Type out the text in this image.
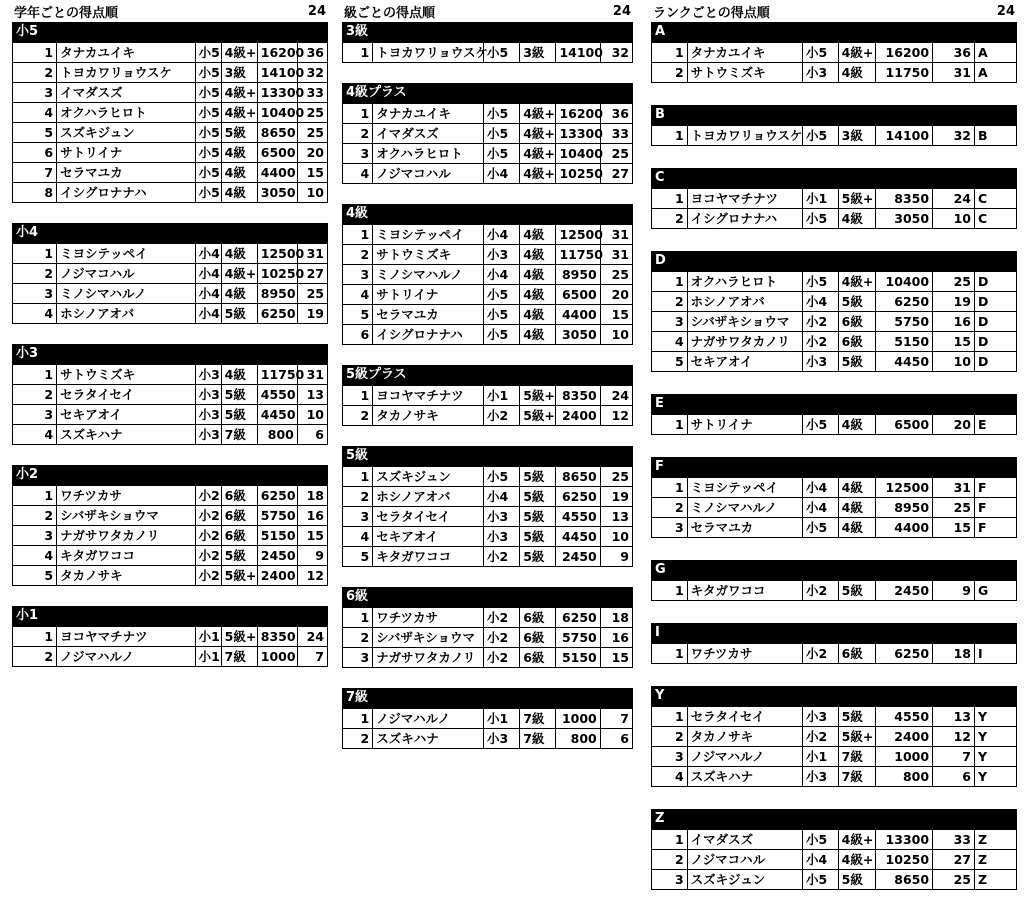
学年ごとの得点順	24
小5
1	タナカユイキ	小5	4級+	16200	36
2	トヨカワリョウスケ	小5	3級	14100	32
3	イマダスズ	小5	4級+	13300	33
4	オクハラヒロト	小5	4級+	10400	25
5	スズキジュン	小5	5級	8650	25
6	サトリイナ	小5	4級	6500	20
7	セラマユカ	小5	4級	4400	15
8	イシグロナナハ	小5	4級	3050	10
小4
1	ミヨシテッペイ	小4	4級	12500	31
2	ノジマコハル	小4	4級+	10250	27
3	ミノシマハルノ	小4	4級	8950	25
4	ホシノアオバ	小4	5級	6250	19
小3
1	サトウミズキ	小3	4級	11750	31
2	セラタイセイ	小3	5級	4550	13
3	セキアオイ	小3	5級	4450	10
4	スズキハナ	小3	7級	800	6
小2
1	ワチツカサ	小2	6級	6250	18
2	シバザキショウマ	小2	6級	5750	16
3	ナガサワタカノリ	小2	6級	5150	15
4	キタガワココ	小2	5級	2450	9
5	タカノサキ	小2	5級+	2400	12
小1
1	ヨコヤマチナツ	小1	5級+	8350	24
2	ノジマハルノ	小1	7級	1000	7
級ごとの得点順	24
3級
1	トヨカワリョウスケ	小5	3級	14100	32
4級プラス
1	タナカユイキ	小5	4級+	16200	36
2	イマダスズ	小5	4級+	13300	33
3	オクハラヒロト	小5	4級+	10400	25
4	ノジマコハル	小4	4級+	10250	27
4級
1	ミヨシテッペイ	小4	4級	12500	31
2	サトウミズキ	小3	4級	11750	31
3	ミノシマハルノ	小4	4級	8950	25
4	サトリイナ	小5	4級	6500	20
5	セラマユカ	小5	4級	4400	15
6	イシグロナナハ	小5	4級	3050	10
5級プラス
1	ヨコヤマチナツ	小1	5級+	8350	24
2	タカノサキ	小2	5級+	2400	12
5級
1	スズキジュン	小5	5級	8650	25
2	ホシノアオバ	小4	5級	6250	19
3	セラタイセイ	小3	5級	4550	13
4	セキアオイ	小3	5級	4450	10
5	キタガワココ	小2	5級	2450	9
6級
1	ワチツカサ	小2	6級	6250	18
2	シバザキショウマ	小2	6級	5750	16
3	ナガサワタカノリ	小2	6級	5150	15
7級
1	ノジマハルノ	小1	7級	1000	7
2	スズキハナ	小3	7級	800	6
ランクごとの得点順	24
A
1	タナカユイキ	小5	4級+	16200	36	A
2	サトウミズキ	小3	4級	11750	31	A
B
1	トヨカワリョウスケ	小5	3級	14100	32	B
C
1	ヨコヤマチナツ	小1	5級+	8350	24	C
2	イシグロナナハ	小5	4級	3050	10	C
D
1	オクハラヒロト	小5	4級+	10400	25	D
2	ホシノアオバ	小4	5級	6250	19	D
3	シバザキショウマ	小2	6級	5750	16	D
4	ナガサワタカノリ	小2	6級	5150	15	D
5	セキアオイ	小3	5級	4450	10	D
E
1	サトリイナ	小5	4級	6500	20	E
F
1	ミヨシテッペイ	小4	4級	12500	31	F
2	ミノシマハルノ	小4	4級	8950	25	F
3	セラマユカ	小5	4級	4400	15	F
G
1	キタガワココ	小2	5級	2450	9	G
I
1	ワチツカサ	小2	6級	6250	18	I
Y
1	セラタイセイ	小3	5級	4550	13	Y
2	タカノサキ	小2	5級+	2400	12	Y
3	ノジマハルノ	小1	7級	1000	7	Y
4	スズキハナ	小3	7級	800	6	Y
Z
1	イマダスズ	小5	4級+	13300	33	Z
2	ノジマコハル	小4	4級+	10250	27	Z
3	スズキジュン	小5	5級	8650	25	Z
